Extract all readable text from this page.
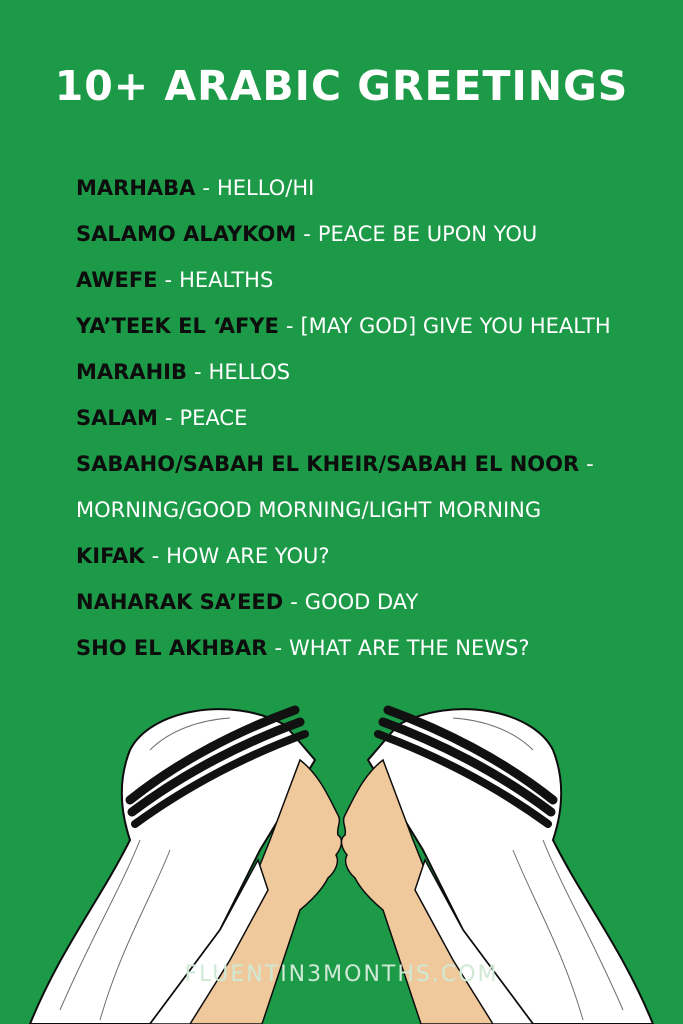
10+ ARABIC GREETINGS
MARHABA - HELLO/HI
SALAMO ALAYKOM - PEACE BE UPON YOU
AWEFE - HEALTHS
YA’TEEK EL ‘AFYE - [MAY GOD] GIVE YOU HEALTH
MARAHIB - HELLOS
SALAM - PEACE
SABAHO/SABAH EL KHEIR/SABAH EL NOOR -
MORNING/GOOD MORNING/LIGHT MORNING
KIFAK - HOW ARE YOU?
NAHARAK SA’EED - GOOD DAY
SHO EL AKHBAR - WHAT ARE THE NEWS?
FLUENTIN3MONTHS.COM
